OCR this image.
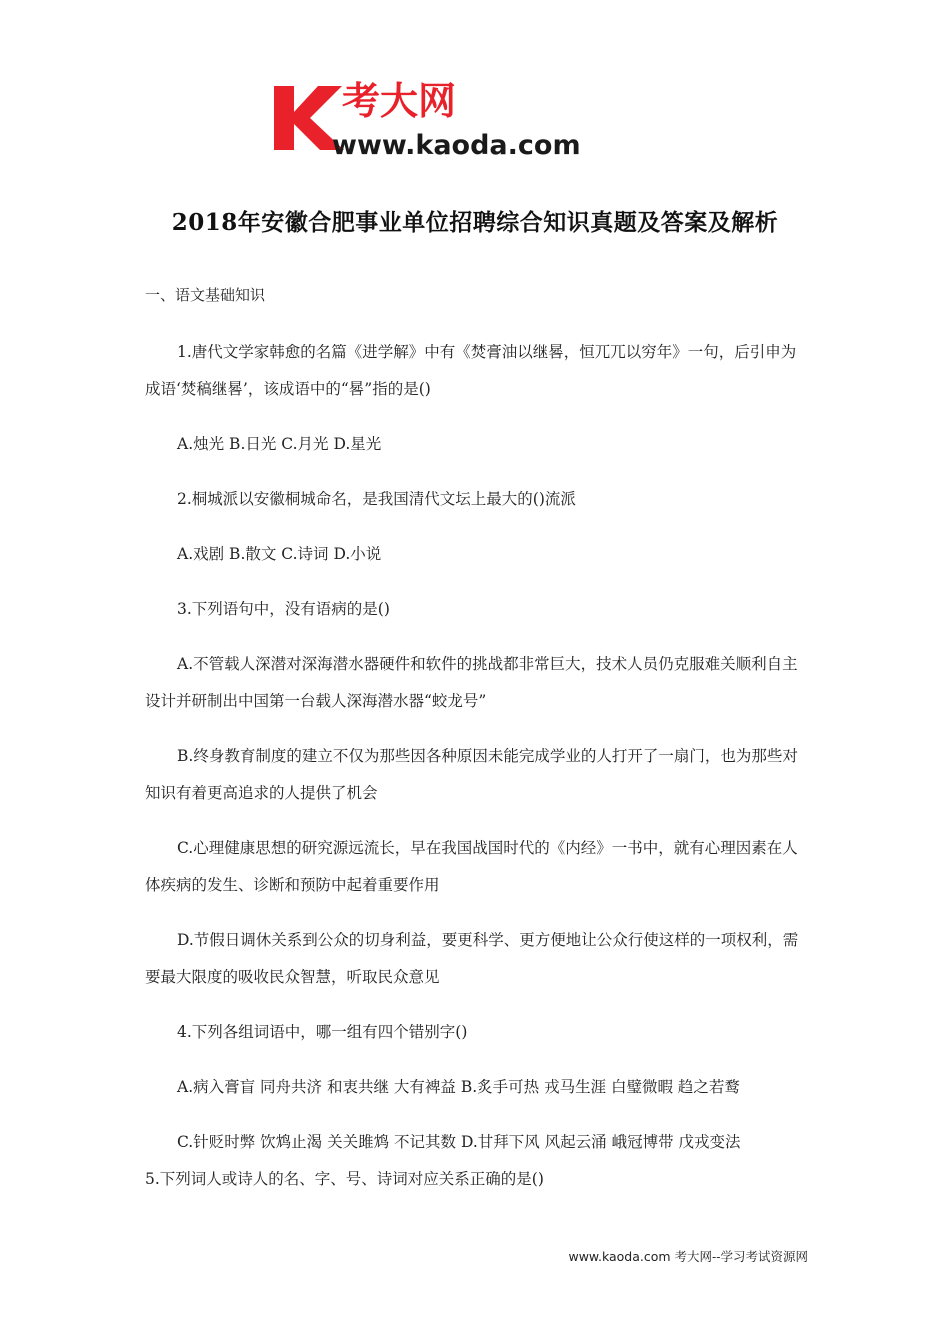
考大网
www.kaoda.com
2018年安徽合肥事业单位招聘综合知识真题及答案及解析
一、语文基础知识

1.唐代文学家韩愈的名篇《进学解》中有《焚膏油以继晷，恒兀兀以穷年》一句，后引申为成语‘焚稿继晷’，该成语中的“晷”指的是()

A.烛光 B.日光 C.月光 D.星光

2.桐城派以安徽桐城命名，是我国清代文坛上最大的()流派

A.戏剧 B.散文 C.诗词 D.小说

3.下列语句中，没有语病的是()

A.不管载人深潜对深海潜水器硬件和软件的挑战都非常巨大，技术人员仍克服难关顺利自主设计并研制出中国第一台载人深海潜水器“蛟龙号”

B.终身教育制度的建立不仅为那些因各种原因未能完成学业的人打开了一扇门，也为那些对知识有着更高追求的人提供了机会

C.心理健康思想的研究源远流长，早在我国战国时代的《内经》一书中，就有心理因素在人体疾病的发生、诊断和预防中起着重要作用

D.节假日调休关系到公众的切身利益，要更科学、更方便地让公众行使这样的一项权利，需要最大限度的吸收民众智慧，听取民众意见

4.下列各组词语中，哪一组有四个错别字()

A.病入膏盲 同舟共济 和衷共继 大有裨益 B.炙手可热 戎马生涯 白璧微暇 趋之若鹜

C.针贬时弊 饮鸩止渴 关关雎鸩 不记其数 D.甘拜下风 风起云涌 峨冠博带 戊戎变法

5.下列词人或诗人的名、字、号、诗词对应关系正确的是()

www.kaoda.com 考大网--学习考试资源网
